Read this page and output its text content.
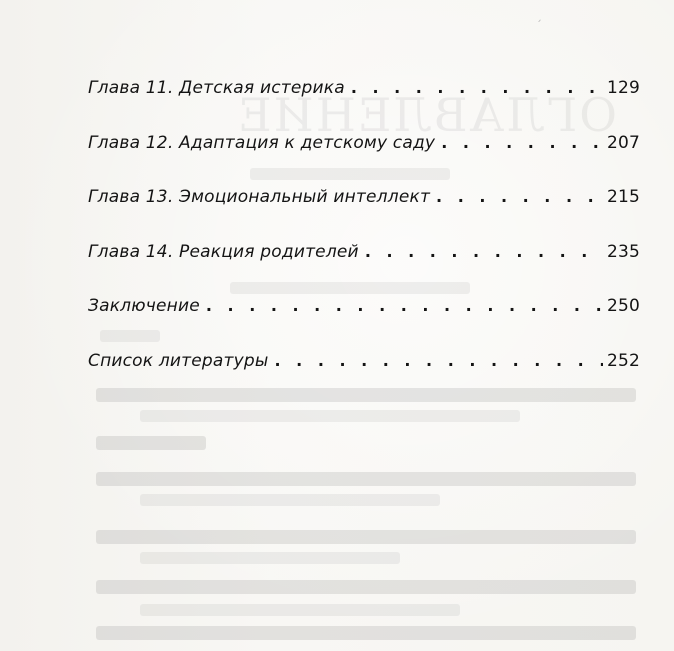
ОГЛАВЛЕНИЕ
ˏ
Глава 11. Детская истерика . . .	129
Глава 12. Адаптация к детскому саду . . .	207
Глава 13. Эмоциональный интеллект . . .	215
Глава 14. Реакция родителей . . .	235
Заключение . . .	250
Список литературы . . .	252
